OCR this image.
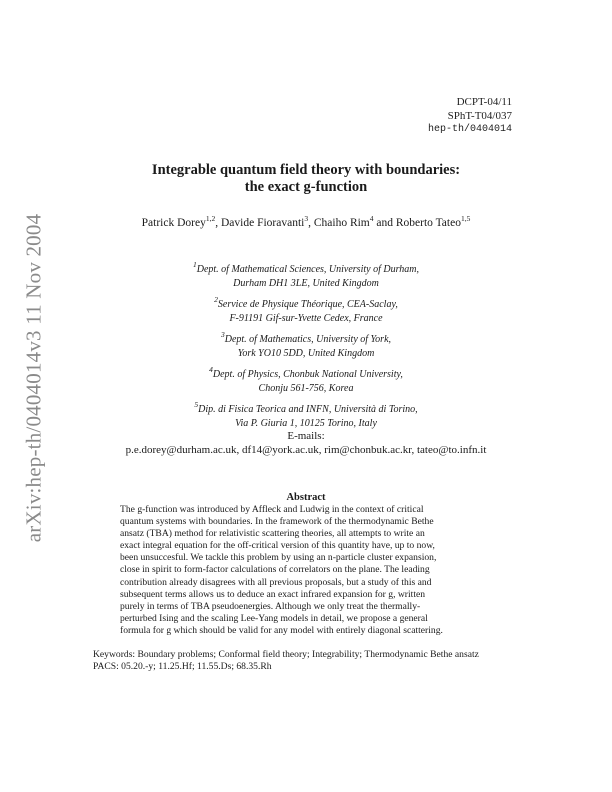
arXiv:hep-th/0404014v3 11 Nov 2004
DCPT-04/11
SPhT-T04/037
hep-th/0404014
Integrable quantum field theory with boundaries:
the exact g-function
Patrick Dorey$^{1,2}$, Davide Fioravanti$^3$, Chaiho Rim$^4$ and Roberto Tateo$^{1,5}$
$^1$Dept. of Mathematical Sciences, University of Durham,
Durham DH1 3LE, United Kingdom
$^2$Service de Physique Théorique, CEA-Saclay,
F-91191 Gif-sur-Yvette Cedex, France
$^3$Dept. of Mathematics, University of York,
York YO10 5DD, United Kingdom
$^4$Dept. of Physics, Chonbuk National University,
Chonju 561-756, Korea
$^5$Dip. di Fisica Teorica and INFN, Università di Torino,
Via P. Giuria 1, 10125 Torino, Italy
E-mails:
p.e.dorey@durham.ac.uk, df14@york.ac.uk, rim@chonbuk.ac.kr, tateo@to.infn.it
Abstract
The g-function was introduced by Affleck and Ludwig in the context of critical
quantum systems with boundaries. In the framework of the thermodynamic Bethe
ansatz (TBA) method for relativistic scattering theories, all attempts to write an
exact integral equation for the off-critical version of this quantity have, up to now,
been unsuccesful. We tackle this problem by using an n-particle cluster expansion,
close in spirit to form-factor calculations of correlators on the plane. The leading
contribution already disagrees with all previous proposals, but a study of this and
subsequent terms allows us to deduce an exact infrared expansion for g, written
purely in terms of TBA pseudoenergies. Although we only treat the thermally-
perturbed Ising and the scaling Lee-Yang models in detail, we propose a general
formula for g which should be valid for any model with entirely diagonal scattering.
Keywords: Boundary problems; Conformal field theory; Integrability; Thermodynamic Bethe ansatz
PACS: 05.20.-y; 11.25.Hf; 11.55.Ds; 68.35.Rh
